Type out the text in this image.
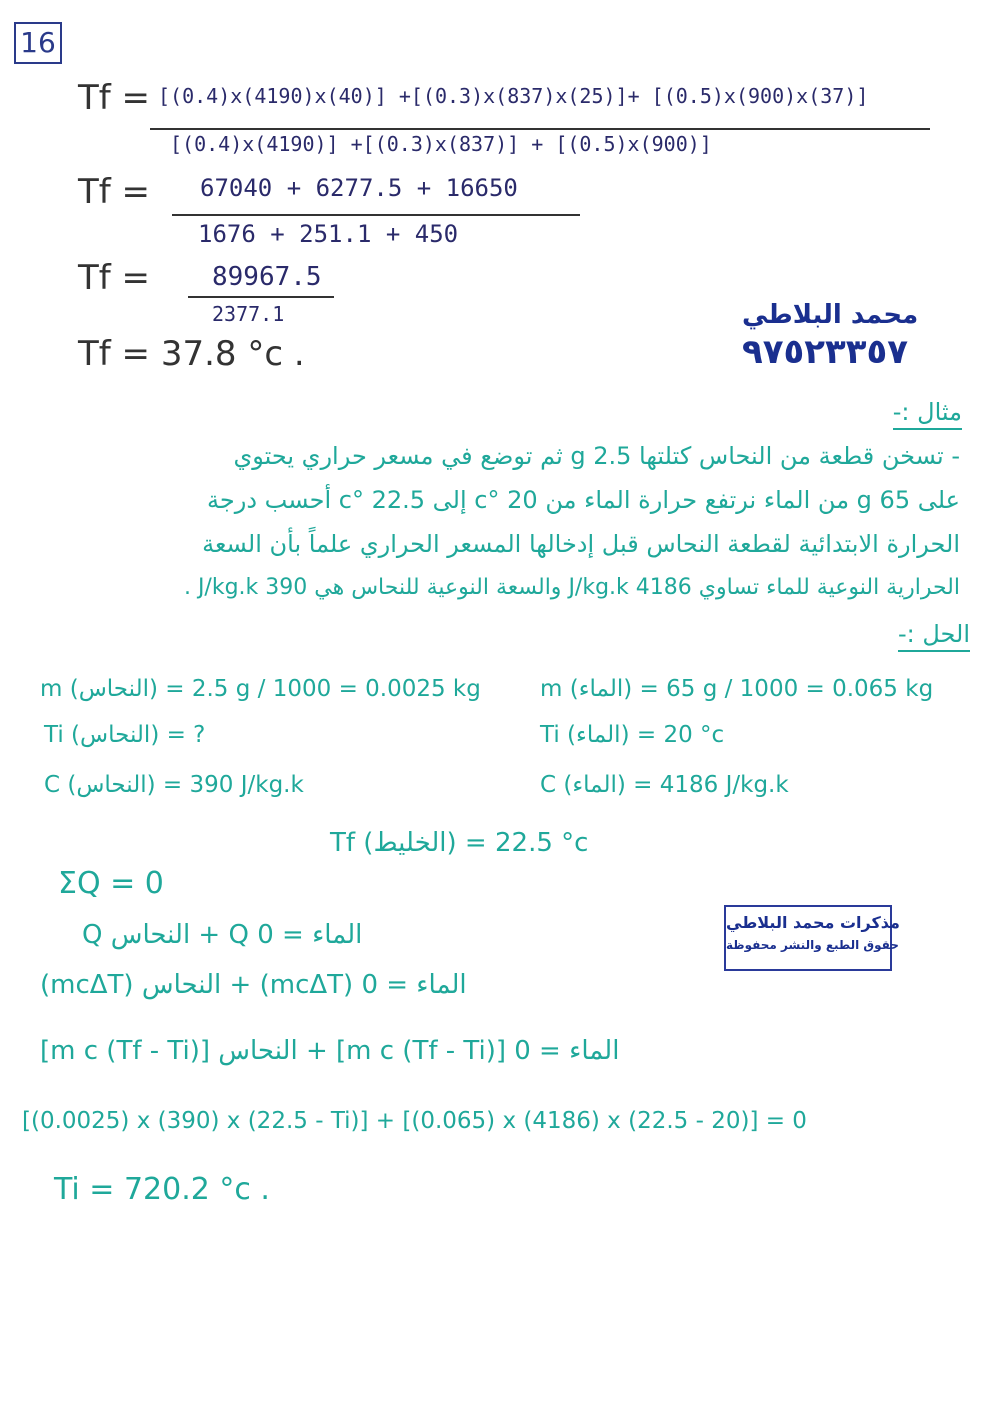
16
Tf = [(0.4)x(4190)x(40)] +[(0.3)x(837)x(25)]+ [(0.5)x(900)x(37)]
[(0.4)x(4190)] +[(0.3)x(837)] + [(0.5)x(900)]
Tf = 67040 + 6277.5 + 16650
1676 + 251.1 + 450
Tf = 89967.5
2377.1
Tf = 37.8 °c .
محمد البلاطي
٩٧٥٢٣٣٥٧
مثال :-
- تسخن قطعة من النحاس كتلتها 2.5 g ثم توضع في مسعر حراري يحتوي
على 65 g من الماء نرتفع حرارة الماء من 20 °c إلى 22.5 °c أحسب درجة
الحرارة الابتدائية لقطعة النحاس قبل إدخالها المسعر الحراري علماً بأن السعة
الحرارية النوعية للماء تساوي 4186 J/kg.k والسعة النوعية للنحاس هي 390 J/kg.k .
الحل :-
m (النحاس) = 2.5 g / 1000 = 0.0025 kg
Ti (النحاس) = ?
C (النحاس) = 390 J/kg.k
m (الماء) = 65 g / 1000 = 0.065 kg
Ti (الماء) = 20 °c
C (الماء) = 4186 J/kg.k
Tf (الخليط) = 22.5 °c
ΣQ = 0
Q النحاس + Q الماء = 0
(mcΔT) النحاس + (mcΔT) الماء = 0
[m c (Tf - Ti)] النحاس + [m c (Tf - Ti)] الماء = 0
[(0.0025) x (390) x (22.5 - Ti)] + [(0.065) x (4186) x (22.5 - 20)] = 0
Ti = 720.2 °c .
مذكرات محمد البلاطي
حقوق الطبع والنشر محفوظة
